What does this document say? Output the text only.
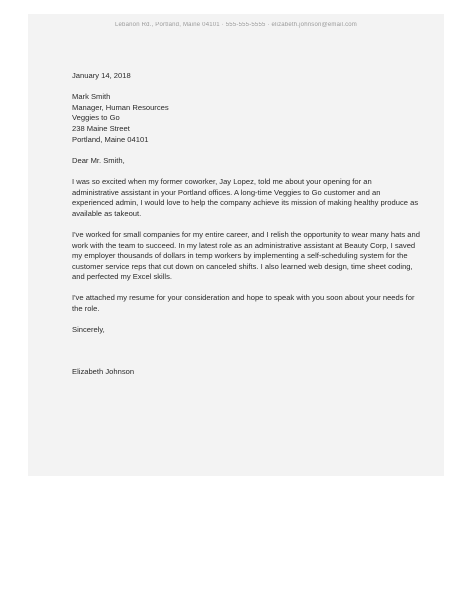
Lebanon Rd., Portland, Maine 04101 · 555-555-5555 · elizabeth.johnson@email.com
January 14, 2018
Mark Smith
Manager, Human Resources
Veggies to Go
238 Maine Street
Portland, Maine 04101
Dear Mr. Smith,
I was so excited when my former coworker, Jay Lopez, told me about your opening for an administrative assistant in your Portland offices. A long-time Veggies to Go customer and an experienced admin, I would love to help the company achieve its mission of making healthy produce as available as takeout.
I've worked for small companies for my entire career, and I relish the opportunity to wear many hats and work with the team to succeed. In my latest role as an administrative assistant at Beauty Corp, I saved my employer thousands of dollars in temp workers by implementing a self-scheduling system for the customer service reps that cut down on canceled shifts. I also learned web design, time sheet coding, and perfected my Excel skills.
I've attached my resume for your consideration and hope to speak with you soon about your needs for the role.
Sincerely,
Elizabeth Johnson
